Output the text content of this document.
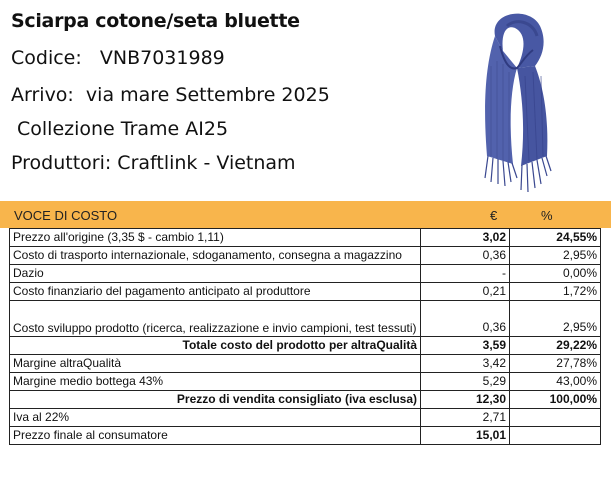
Sciarpa cotone/seta bluette
Codice:   VNB7031989
Arrivo:  via mare Settembre 2025
Collezione Trame AI25
Produttori: Craftlink - Vietnam
VOCE DI COSTO	€	%
Prezzo all'origine (3,35 $ - cambio 1,11)	3,02	24,55%
Costo di trasporto internazionale, sdoganamento, consegna a magazzino	0,36	2,95%
Dazio	-	0,00%
Costo finanziario del pagamento anticipato al produttore	0,21	1,72%
Costo sviluppo prodotto (ricerca, realizzazione e invio campioni, test tessuti)	0,36	2,95%
Totale costo del prodotto per altraQualità	3,59	29,22%
Margine altraQualità	3,42	27,78%
Margine medio bottega 43%	5,29	43,00%
Prezzo di vendita consigliato (iva esclusa)	12,30	100,00%
Iva al 22%	2,71	
Prezzo finale al consumatore	15,01	
